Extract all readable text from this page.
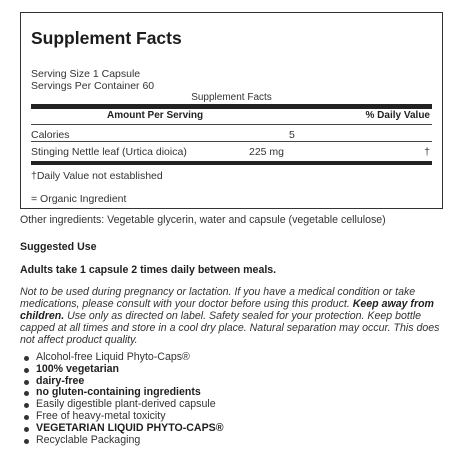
Supplement Facts
Serving Size 1 Capsule
Servings Per Container 60
Supplement Facts
Amount Per Serving	% Daily Value
Calories	5
Stinging Nettle leaf (Urtica dioica)	225 mg	†
†Daily Value not established
= Organic Ingredient
Other ingredients: Vegetable glycerin, water and capsule (vegetable cellulose)
Suggested Use
Adults take 1 capsule 2 times daily between meals.
Not to be used during pregnancy or lactation. If you have a medical condition or take medications, please consult with your doctor before using this product. Keep away from children. Use only as directed on label. Safety sealed for your protection. Keep bottle capped at all times and store in a cool dry place. Natural separation may occur. This does not affect product quality.
Alcohol-free Liquid Phyto-Caps®
100% vegetarian
dairy-free
no gluten-containing ingredients
Easily digestible plant-derived capsule
Free of heavy-metal toxicity
VEGETARIAN LIQUID PHYTO-CAPS®
Recyclable Packaging
